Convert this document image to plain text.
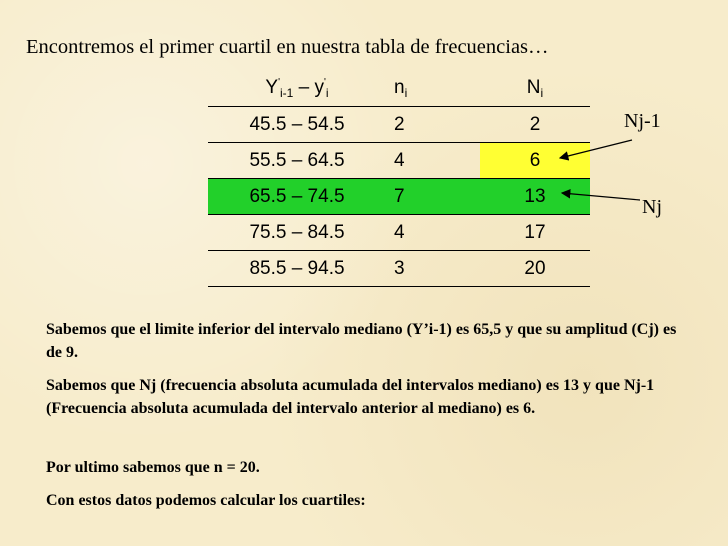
Encontremos el primer cuartil en nuestra tabla de frecuencias…
$Y'_{i-1} - y'_i$	$n_i$	$N_i$
45.5 – 54.5	2	2
55.5 – 64.5	4	6
65.5 – 74.5	7	13
75.5 – 84.5	4	17
85.5 – 94.5	3	20
Nj-1
Nj
Sabemos que el limite inferior del intervalo mediano (Y’i-1) es 65,5 y que su amplitud (Cj) es de 9.
Sabemos que Nj (frecuencia absoluta acumulada del intervalos mediano) es 13 y que Nj-1 (Frecuencia absoluta acumulada del intervalo anterior al mediano) es 6.
Por ultimo sabemos que n = 20.
Con estos datos podemos calcular los cuartiles:
